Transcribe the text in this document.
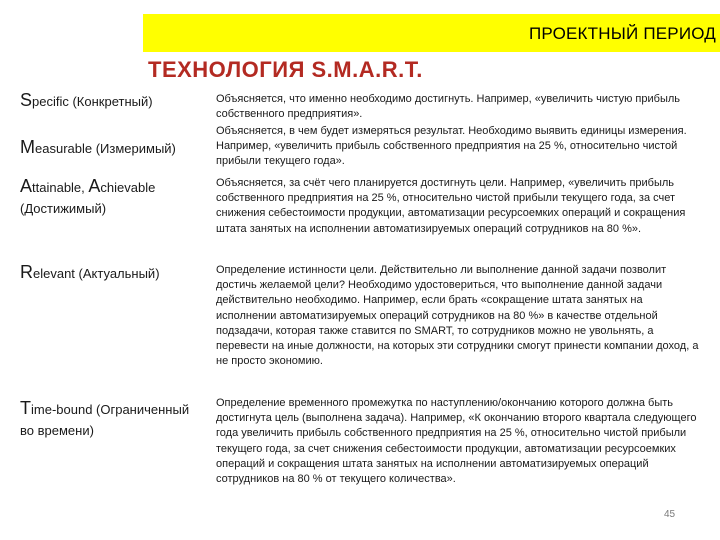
ПРОЕКТНЫЙ ПЕРИОД
ТЕХНОЛОГИЯ S.M.A.R.T.
Specific (Конкретный)
Measurable (Измеримый)
Attainable, Achievable
(Достижимый)
Relevant (Актуальный)
Time-bound (Ограниченный
во времени)
Объясняется, что именно необходимо достигнуть. Например, «увеличить чистую прибыль собственного предприятия».
Объясняется, в чем будет измеряться результат. Необходимо выявить единицы измерения. Например, «увеличить прибыль собственного предприятия на 25 %, относительно чистой прибыли текущего года».
Объясняется, за счёт чего планируется достигнуть цели. Например, «увеличить прибыль собственного предприятия на 25 %, относительно чистой прибыли текущего года, за счет снижения себестоимости продукции, автоматизации ресурсоемких операций и сокращения штата занятых на исполнении автоматизируемых операций сотрудников на 80 %».
Определение истинности цели. Действительно ли выполнение данной задачи позволит достичь желаемой цели? Необходимо удостовериться, что выполнение данной задачи действительно необходимо. Например, если брать «сокращение штата занятых на исполнении автоматизируемых операций сотрудников на 80 %» в качестве отдельной подзадачи, которая также ставится по SMART, то сотрудников можно не увольнять, а перевести на иные должности, на которых эти сотрудники смогут принести компании доход, а не просто экономию.
Определение временного промежутка по наступлению/окончанию которого должна быть достигнута цель (выполнена задача). Например, «К окончанию второго квартала следующего года увеличить прибыль собственного предприятия на 25 %, относительно чистой прибыли текущего года, за счет снижения себестоимости продукции, автоматизации ресурсоемких операций и сокращения штата занятых на исполнении автоматизируемых операций сотрудников на 80 % от текущего количества».
45
